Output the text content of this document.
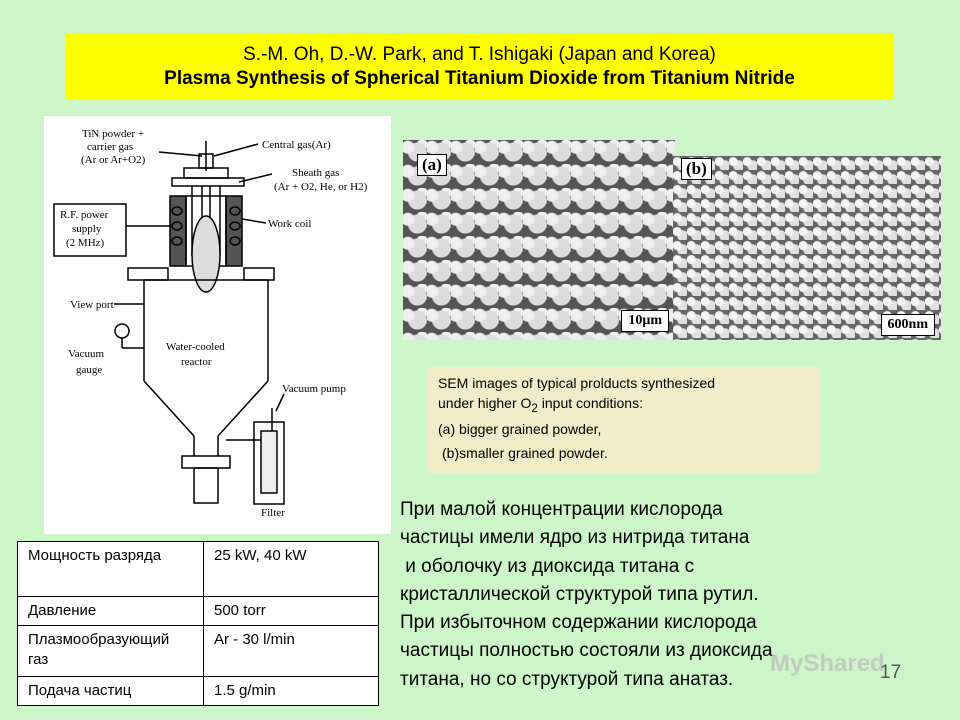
S.-M. Oh, D.-W. Park, and T. Ishigaki (Japan and Korea)
Plasma Synthesis of Spherical Titanium Dioxide from Titanium Nitride
TiN powder +
carrier gas
(Ar or Ar+O2)
Central gas(Ar)
Sheath gas
(Ar + O2, He, or H2)
R.F. power
supply
(2 MHz)
Work coil
View port
Vacuum
gauge
Water-cooled
reactor
Vacuum pump
Filter
(a)
10μm
(b)
600nm
SEM images of typical prolducts synthesized
under higher $O_2$ input conditions:
(a) bigger grained powder,
(b)smaller grained powder.
При малой концентрации кислорода
частицы имели ядро из нитрида титана
и оболочку из диоксида титана с
кристаллической структурой типа рутил.
При избыточном содержании кислорода
частицы полностью состояли из диоксида
титана, но со структурой типа анатаз.
Мощность разряда	25 kW, 40 kW
Давление	500 torr
Плазмообразующий газ	Ar - 30 l/min
Подача частиц	1.5 g/min
MyShared
17
